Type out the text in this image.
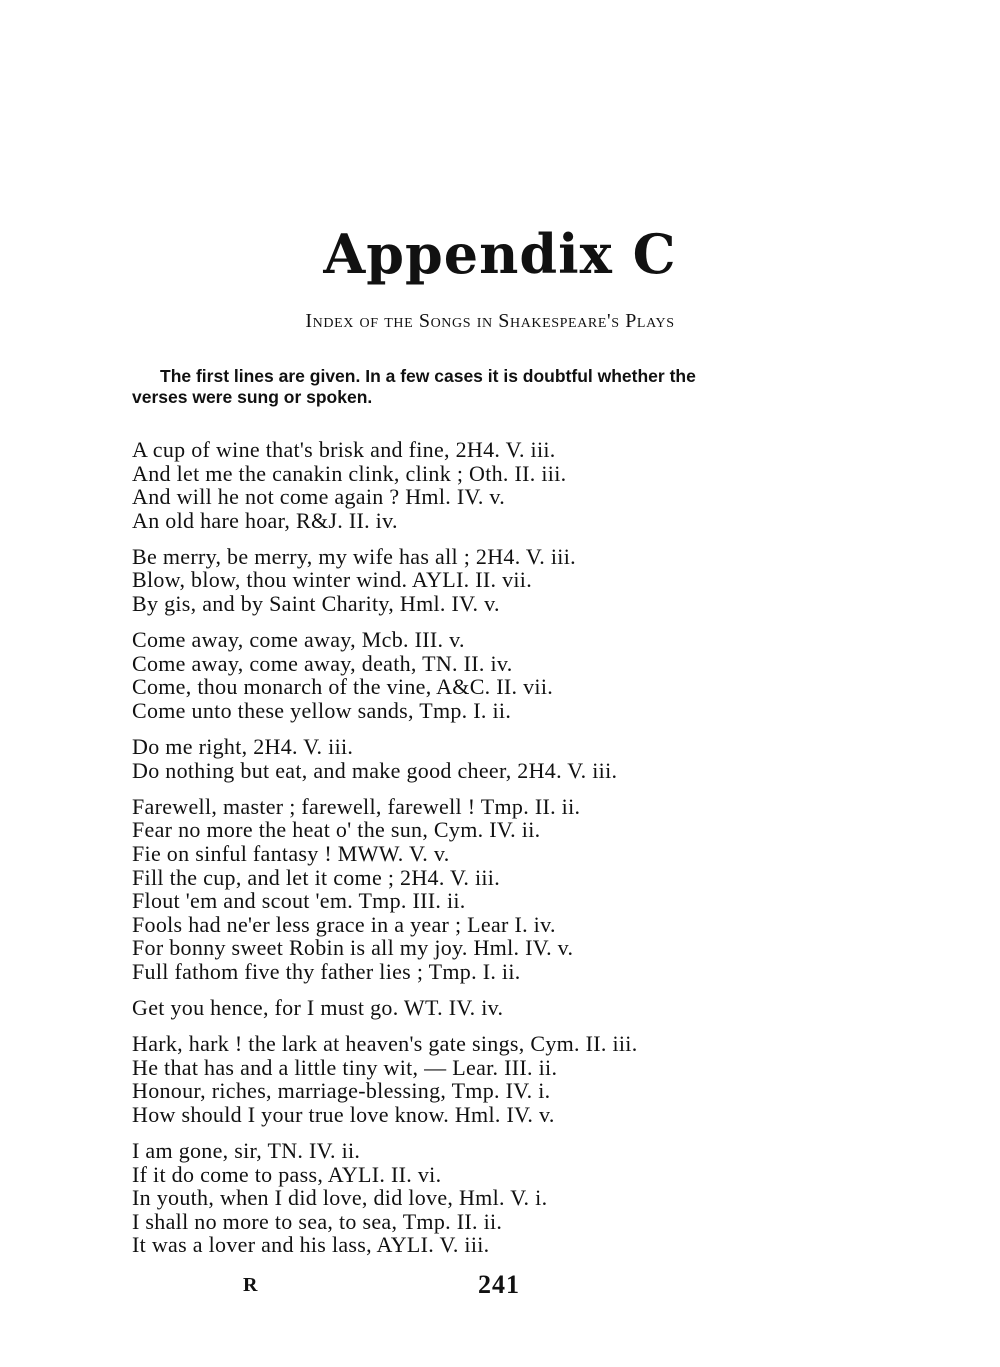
Appendix C
Index of the Songs in Shakespeare's Plays
The first lines are given. In a few cases it is doubtful whether the
verses were sung or spoken.
A cup of wine that's brisk and fine, 2H4. V. iii.
And let me the canakin clink, clink ; Oth. II. iii.
And will he not come again ? Hml. IV. v.
An old hare hoar, R&J. II. iv.
Be merry, be merry, my wife has all ; 2H4. V. iii.
Blow, blow, thou winter wind. AYLI. II. vii.
By gis, and by Saint Charity, Hml. IV. v.
Come away, come away, Mcb. III. v.
Come away, come away, death, TN. II. iv.
Come, thou monarch of the vine, A&C. II. vii.
Come unto these yellow sands, Tmp. I. ii.
Do me right, 2H4. V. iii.
Do nothing but eat, and make good cheer, 2H4. V. iii.
Farewell, master ; farewell, farewell ! Tmp. II. ii.
Fear no more the heat o' the sun, Cym. IV. ii.
Fie on sinful fantasy ! MWW. V. v.
Fill the cup, and let it come ; 2H4. V. iii.
Flout 'em and scout 'em. Tmp. III. ii.
Fools had ne'er less grace in a year ; Lear I. iv.
For bonny sweet Robin is all my joy. Hml. IV. v.
Full fathom five thy father lies ; Tmp. I. ii.
Get you hence, for I must go. WT. IV. iv.
Hark, hark ! the lark at heaven's gate sings, Cym. II. iii.
He that has and a little tiny wit, — Lear. III. ii.
Honour, riches, marriage-blessing, Tmp. IV. i.
How should I your true love know. Hml. IV. v.
I am gone, sir, TN. IV. ii.
If it do come to pass, AYLI. II. vi.
In youth, when I did love, did love, Hml. V. i.
I shall no more to sea, to sea, Tmp. II. ii.
It was a lover and his lass, AYLI. V. iii.
R	241
